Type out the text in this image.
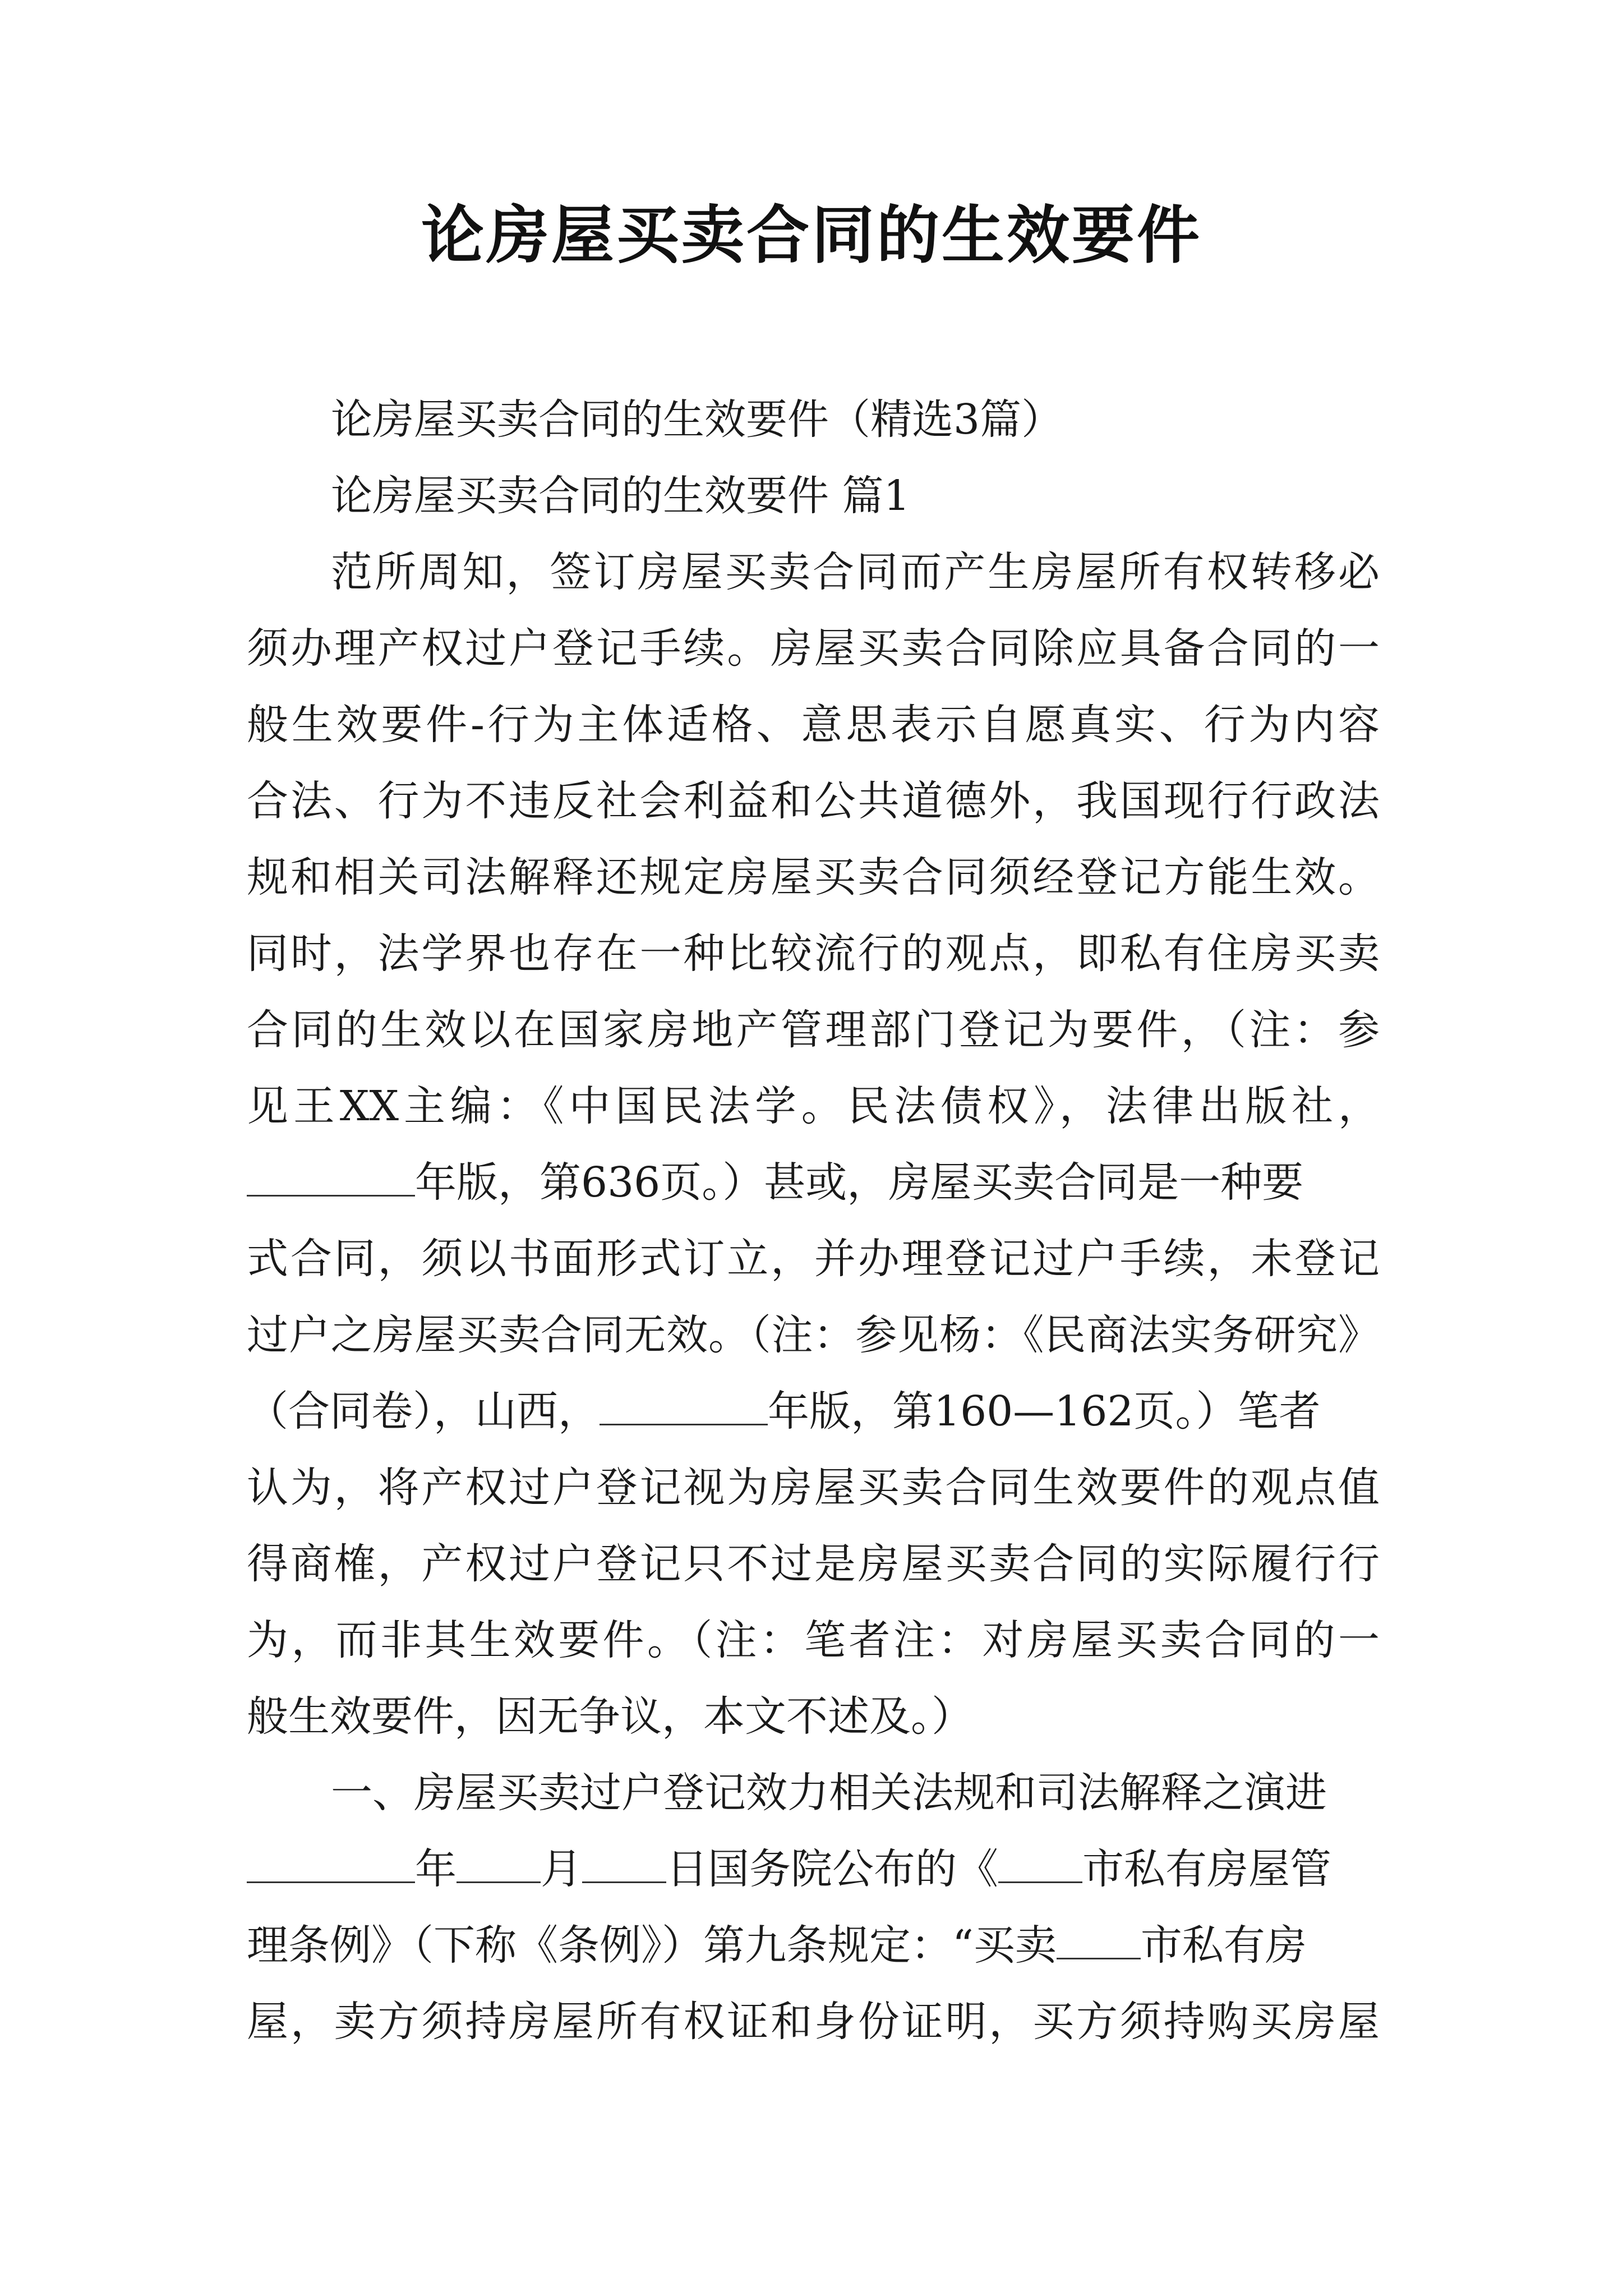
论房屋买卖合同的生效要件
论房屋买卖合同的生效要件（精选3篇）
论房屋买卖合同的生效要件 篇1
范所周知，签订房屋买卖合同而产生房屋所有权转移必
须办理产权过户登记手续。房屋买卖合同除应具备合同的一
般生效要件-行为主体适格、意思表示自愿真实、行为内容
合法、行为不违反社会利益和公共道德外，我国现行行政法
规和相关司法解释还规定房屋买卖合同须经登记方能生效。
同时，法学界也存在一种比较流行的观点，即私有住房买卖
合同的生效以在国家房地产管理部门登记为要件，（注：参
见王XX主编：《中国民法学。民法债权》，法律出版社，
年版，第636页。）甚或，房屋买卖合同是一种要
式合同，须以书面形式订立，并办理登记过户手续，未登记
过户之房屋买卖合同无效。（注：参见杨：《民商法实务研究》
（合同卷），山西，	年版，第160—162页。）笔者
认为，将产权过户登记视为房屋买卖合同生效要件的观点值
得商榷，产权过户登记只不过是房屋买卖合同的实际履行行
为，而非其生效要件。（注：笔者注：对房屋买卖合同的一
般生效要件，因无争议，本文不述及。）
一、房屋买卖过户登记效力相关法规和司法解释之演进
年 月 日国务院公布的《 市私有房屋管
理条例》（下称《条例》）第九条规定：“买卖 市私有房
屋，卖方须持房屋所有权证和身份证明，买方须持购买房屋
